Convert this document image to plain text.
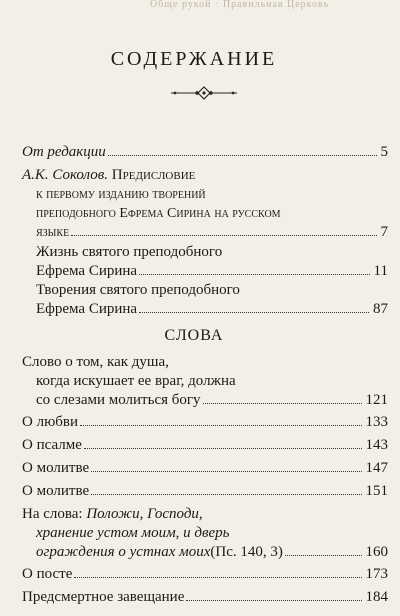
Обще рукой · Правильная Церковь
СОДЕРЖАНИЕ
От редакции	5
А.К. Соколов. Предисловие
к первому изданию творений
преподобного Ефрема Сирина на русском
языке	7
Жизнь святого преподобного
Ефрема Сирина	11
Творения святого преподобного
Ефрема Сирина	87
СЛОВА
Слово о том, как душа,
когда искушает ее враг, должна
со слезами молиться богу	121
О любви	133
О псалме	143
О молитве	147
О молитве	151
На слова: Положи, Господи,
хранение устом моим, и дверь
ограждения о устнах моих (Пс. 140, 3)	160
О посте	173
Предсмертное завещание	184
